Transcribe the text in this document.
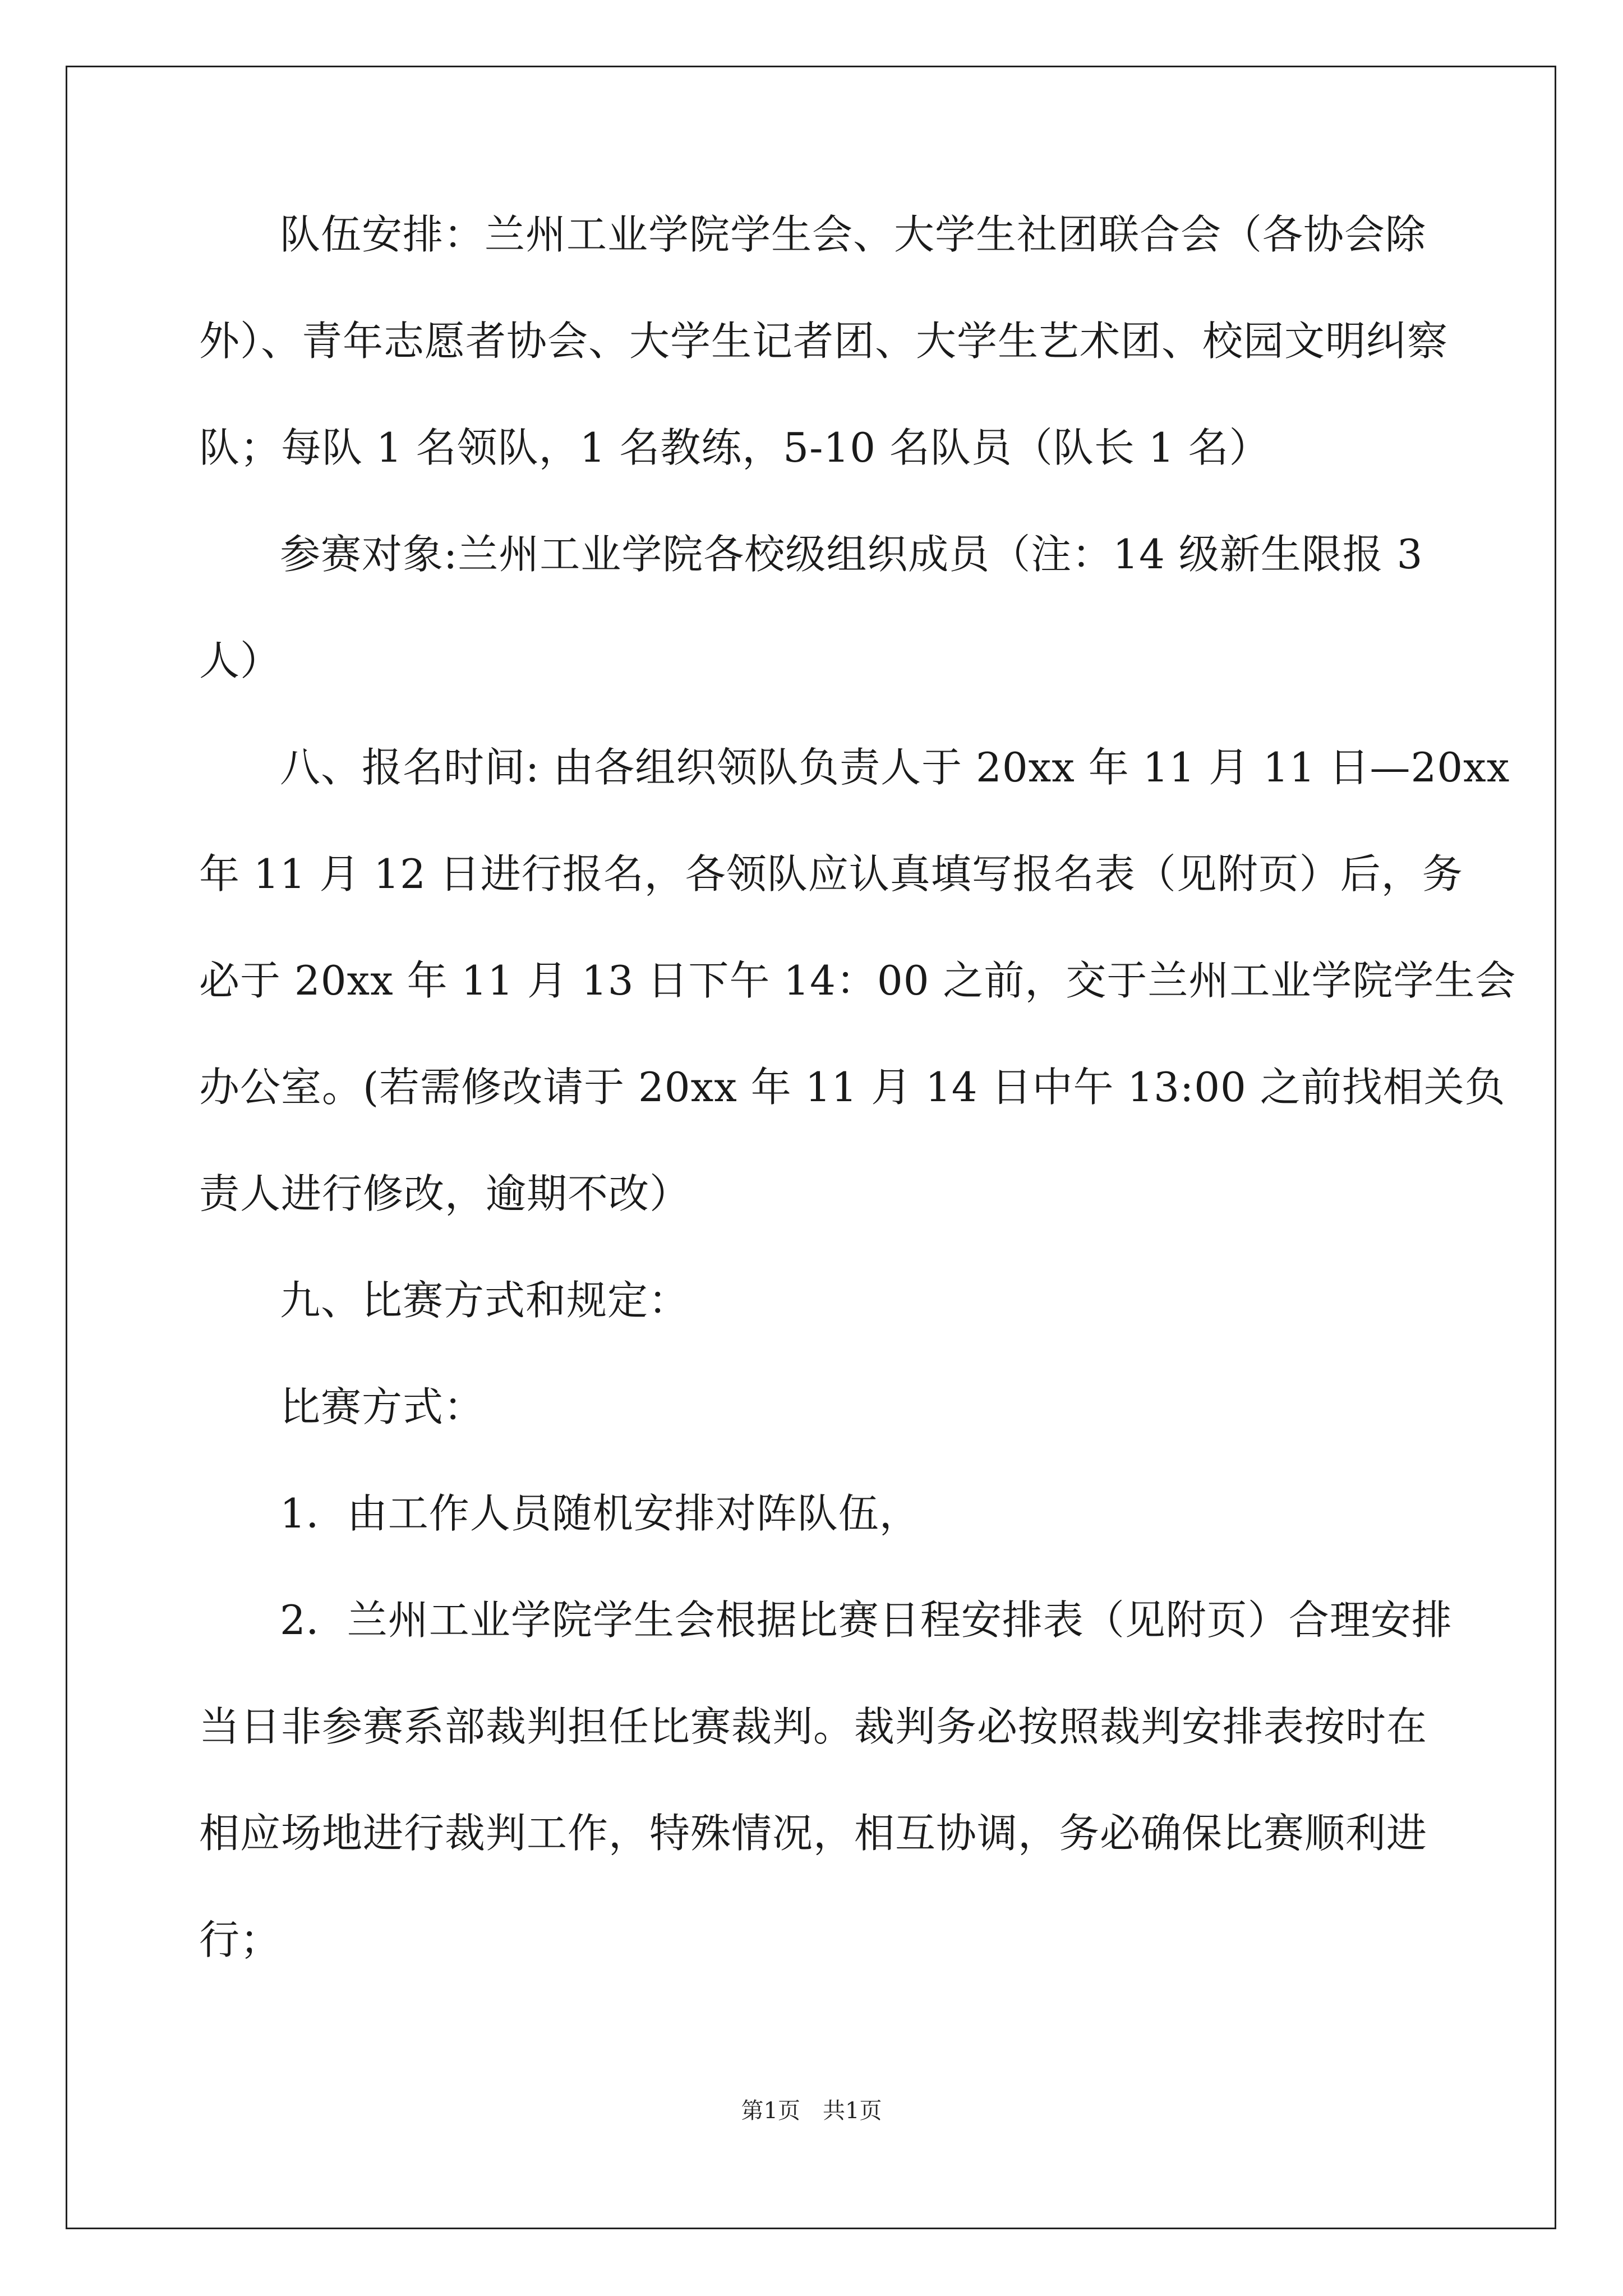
队伍安排：兰州工业学院学生会、大学生社团联合会（各协会除
外）、青年志愿者协会、大学生记者团、大学生艺术团、校园文明纠察
队；每队 1 名领队，1 名教练，5-10 名队员（队长 1 名）
参赛对象:兰州工业学院各校级组织成员（注：14 级新生限报 3
人）
八、报名时间: 由各组织领队负责人于 20xx 年 11 月 11 日—20xx
年 11 月 12 日进行报名，各领队应认真填写报名表（见附页）后，务
必于 20xx 年 11 月 13 日下午 14：00 之前，交于兰州工业学院学生会
办公室。(若需修改请于 20xx 年 11 月 14 日中午 13:00 之前找相关负
责人进行修改，逾期不改）
九、比赛方式和规定：
比赛方式：
1．由工作人员随机安排对阵队伍，
2．兰州工业学院学生会根据比赛日程安排表（见附页）合理安排
当日非参赛系部裁判担任比赛裁判。裁判务必按照裁判安排表按时在
相应场地进行裁判工作，特殊情况，相互协调，务必确保比赛顺利进
行；
第1页　共1页
